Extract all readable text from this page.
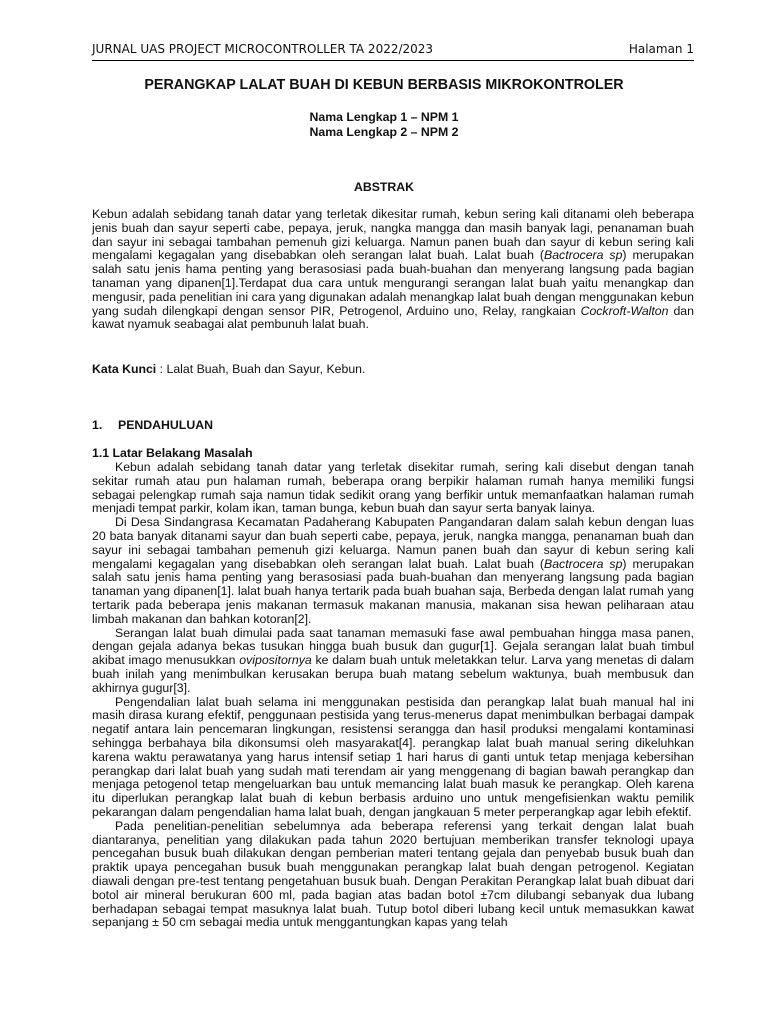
JURNAL UAS PROJECT MICROCONTROLLER TA 2022/2023	Halaman 1
PERANGKAP LALAT BUAH DI KEBUN BERBASIS MIKROKONTROLER
Nama Lengkap 1 – NPM 1
Nama Lengkap 2 – NPM 2
ABSTRAK
Kebun adalah sebidang tanah datar yang terletak dikesitar rumah, kebun sering kali ditanami oleh beberapa jenis buah dan sayur seperti cabe, pepaya, jeruk, nangka mangga dan masih banyak lagi, penanaman buah dan sayur ini sebagai tambahan pemenuh gizi keluarga. Namun panen buah dan sayur di kebun sering kali mengalami kegagalan yang disebabkan oleh serangan lalat buah. Lalat buah (Bactrocera sp) merupakan salah satu jenis hama penting yang berasosiasi pada buah-buahan dan menyerang langsung pada bagian tanaman yang dipanen[1].Terdapat dua cara untuk mengurangi serangan lalat buah yaitu menangkap dan mengusir, pada penelitian ini cara yang digunakan adalah menangkap lalat buah dengan menggunakan kebun yang sudah dilengkapi dengan sensor PIR, Petrogenol, Arduino uno, Relay, rangkaian Cockroft-Walton dan kawat nyamuk seabagai alat pembunuh lalat buah.
Kata Kunci : Lalat Buah, Buah dan Sayur, Kebun.
1. PENDAHULUAN
1.1 Latar Belakang Masalah

Kebun adalah sebidang tanah datar yang terletak disekitar rumah, sering kali disebut dengan tanah sekitar rumah atau pun halaman rumah, beberapa orang berpikir halaman rumah hanya memiliki fungsi sebagai pelengkap rumah saja namun tidak sedikit orang yang berfikir untuk memanfaatkan halaman rumah menjadi tempat parkir, kolam ikan, taman bunga, kebun buah dan sayur serta banyak lainya.

Di Desa Sindangrasa Kecamatan Padaherang Kabupaten Pangandaran dalam salah kebun dengan luas 20 bata banyak ditanami sayur dan buah seperti cabe, pepaya, jeruk, nangka mangga, penanaman buah dan sayur ini sebagai tambahan pemenuh gizi keluarga. Namun panen buah dan sayur di kebun sering kali mengalami kegagalan yang disebabkan oleh serangan lalat buah. Lalat buah (Bactrocera sp) merupakan salah satu jenis hama penting yang berasosiasi pada buah-buahan dan menyerang langsung pada bagian tanaman yang dipanen[1]. lalat buah hanya tertarik pada buah buahan saja, Berbeda dengan lalat rumah yang tertarik pada beberapa jenis makanan termasuk makanan manusia, makanan sisa hewan peliharaan atau limbah makanan dan bahkan kotoran[2].

Serangan lalat buah dimulai pada saat tanaman memasuki fase awal pembuahan hingga masa panen, dengan gejala adanya bekas tusukan hingga buah busuk dan gugur[1]. Gejala serangan lalat buah timbul akibat imago menusukkan ovipositornya ke dalam buah untuk meletakkan telur. Larva yang menetas di dalam buah inilah yang menimbulkan kerusakan berupa buah matang sebelum waktunya, buah membusuk dan akhirnya gugur[3].

Pengendalian lalat buah selama ini menggunakan pestisida dan perangkap lalat buah manual hal ini masih dirasa kurang efektif, penggunaan pestisida yang terus-menerus dapat menimbulkan berbagai dampak negatif antara lain pencemaran lingkungan, resistensi serangga dan hasil produksi mengalami kontaminasi sehingga berbahaya bila dikonsumsi oleh masyarakat[4]. perangkap lalat buah manual sering dikeluhkan karena waktu perawatanya yang harus intensif setiap 1 hari harus di ganti untuk tetap menjaga kebersihan perangkap dari lalat buah yang sudah mati terendam air yang menggenang di bagian bawah perangkap dan menjaga petogenol tetap mengeluarkan bau untuk memancing lalat buah masuk ke perangkap. Oleh karena itu diperlukan perangkap lalat buah di kebun berbasis arduino uno untuk mengefisienkan waktu pemilik pekarangan dalam pengendalian hama lalat buah, dengan jangkauan 5 meter perperangkap agar lebih efektif.

Pada penelitian-penelitian sebelumnya ada beberapa referensi yang terkait dengan lalat buah diantaranya, penelitian yang dilakukan pada tahun 2020 bertujuan memberikan transfer teknologi upaya pencegahan busuk buah dilakukan dengan pemberian materi tentang gejala dan penyebab busuk buah dan praktik upaya pencegahan busuk buah menggunakan perangkap lalat buah dengan petrogenol. Kegiatan diawali dengan pre-test tentang pengetahuan busuk buah. Dengan Perakitan Perangkap lalat buah dibuat dari botol air mineral berukuran 600 ml, pada bagian atas badan botol ±7cm dilubangi sebanyak dua lubang berhadapan sebagai tempat masuknya lalat buah. Tutup botol diberi lubang kecil untuk memasukkan kawat sepanjang ± 50 cm sebagai media untuk menggantungkan kapas yang telah
